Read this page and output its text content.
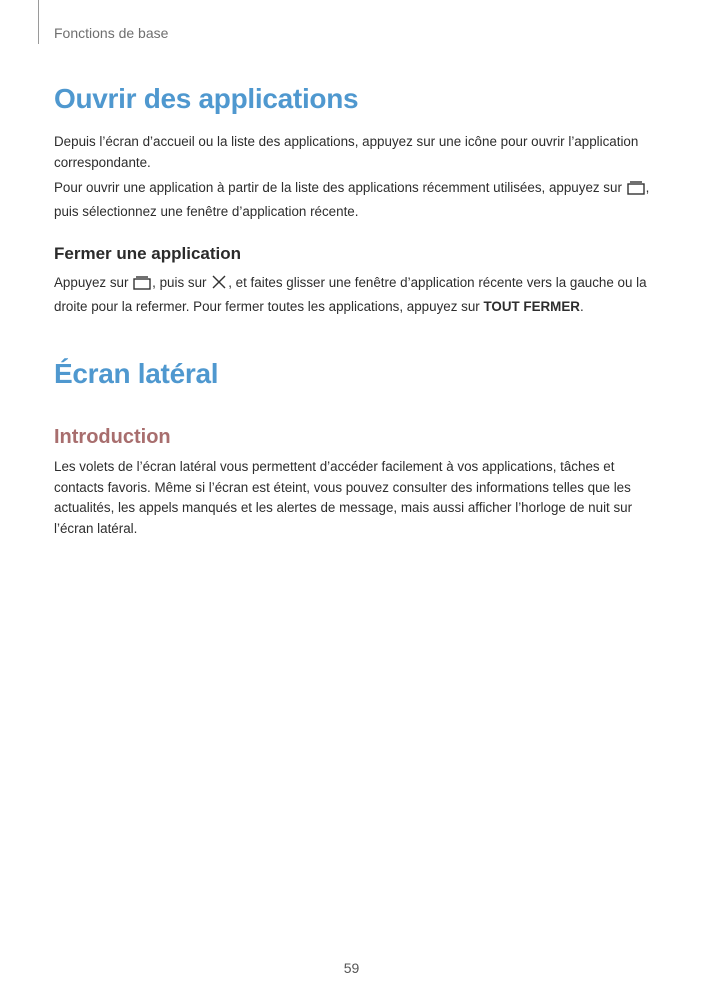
Fonctions de base
Ouvrir des applications

Depuis l’écran d’accueil ou la liste des applications, appuyez sur une icône pour ouvrir l’application correspondante.

Pour ouvrir une application à partir de la liste des applications récemment utilisées, appuyez sur , puis sélectionnez une fenêtre d’application récente.

Fermer une application

Appuyez sur , puis sur , et faites glisser une fenêtre d’application récente vers la gauche ou la droite pour la refermer. Pour fermer toutes les applications, appuyez sur TOUT FERMER.

Écran latéral
Introduction

Les volets de l’écran latéral vous permettent d’accéder facilement à vos applications, tâches et contacts favoris. Même si l’écran est éteint, vous pouvez consulter des informations telles que les actualités, les appels manqués et les alertes de message, mais aussi afficher l’horloge de nuit sur l’écran latéral.

59
